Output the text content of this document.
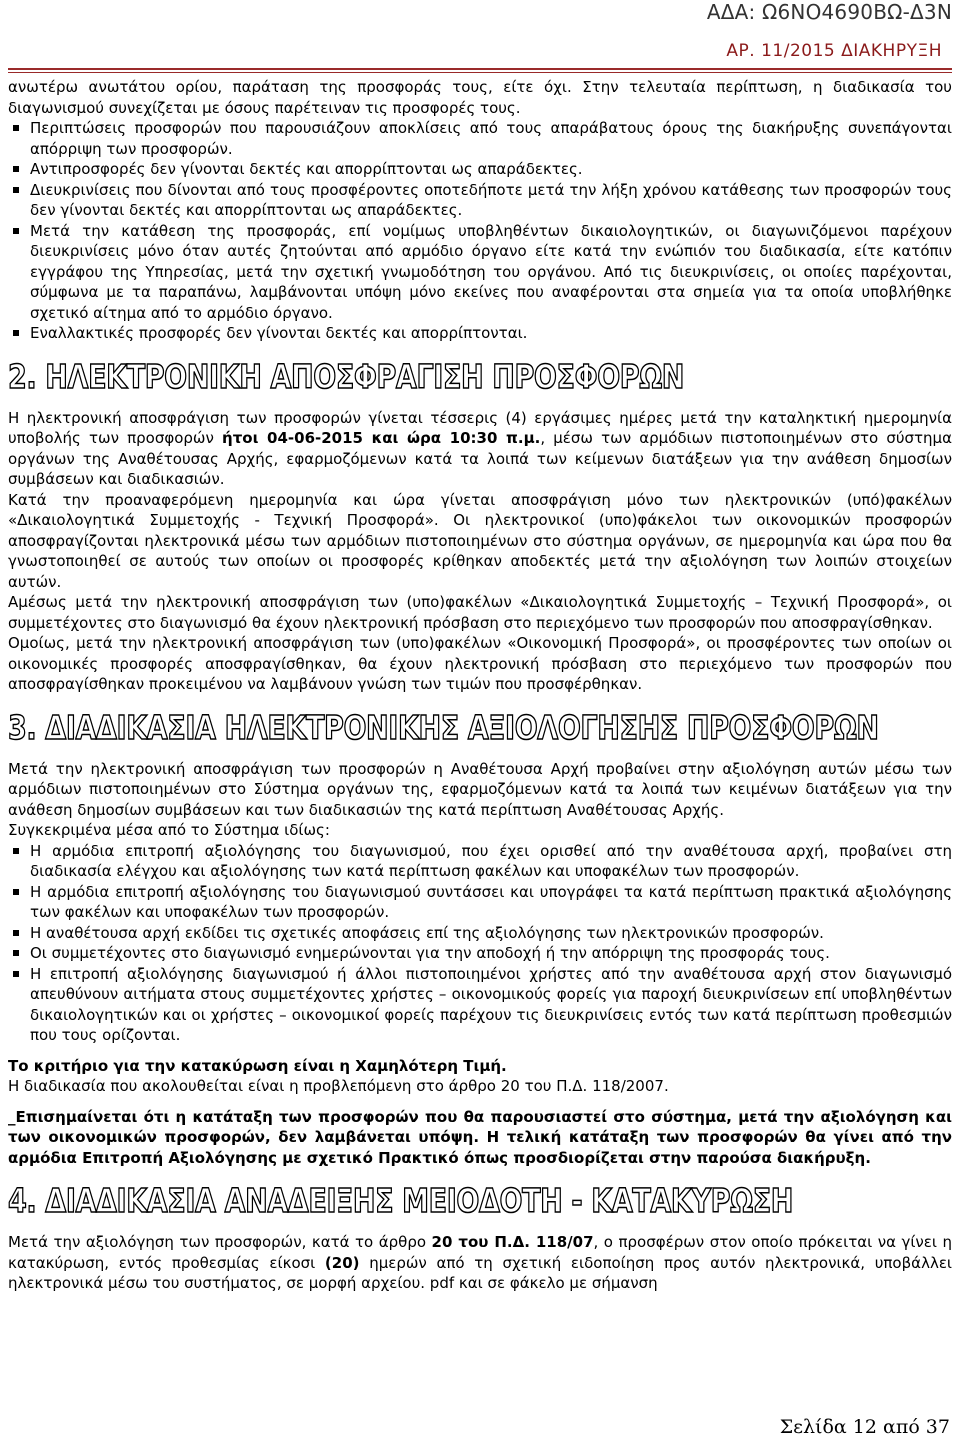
ΑΔΑ: Ω6ΝΟ4690ΒΩ-Δ3Ν
ΑΡ. 11/2015 ΔΙΑΚΗΡΥΞΗ

ανωτέρω ανωτάτου ορίου, παράταση της προσφοράς τους, είτε όχι. Στην τελευταία περίπτωση, η διαδικασία του διαγωνισμού συνεχίζεται με όσους παρέτειναν τις προσφορές τους.

Περιπτώσεις προσφορών που παρουσιάζουν αποκλίσεις από τους απαράβατους όρους της διακήρυξης συνεπάγονται απόρριψη των προσφορών.
Αντιπροσφορές δεν γίνονται δεκτές και απορρίπτονται ως απαράδεκτες.
Διευκρινίσεις που δίνονται από τους προσφέροντες οποτεδήποτε μετά την λήξη χρόνου κατάθεσης των προσφορών τους δεν γίνονται δεκτές και απορρίπτονται ως απαράδεκτες.
Μετά την κατάθεση της προσφοράς, επί νομίμως υποβληθέντων δικαιολογητικών, οι διαγωνιζόμενοι παρέχουν διευκρινίσεις μόνο όταν αυτές ζητούνται από αρμόδιο όργανο είτε κατά την ενώπιόν του διαδικασία, είτε κατόπιν εγγράφου της Υπηρεσίας, μετά την σχετική γνωμοδότηση του οργάνου. Από τις διευκρινίσεις, οι οποίες παρέχονται, σύμφωνα με τα παραπάνω, λαμβάνονται υπόψη μόνο εκείνες που αναφέρονται στα σημεία για τα οποία υποβλήθηκε σχετικό αίτημα από το αρμόδιο όργανο.
Εναλλακτικές προσφορές δεν γίνονται δεκτές και απορρίπτονται.
2. ΗΛΕΚΤΡΟΝΙΚΗ ΑΠΟΣΦΡΑΓΙΣΗ ΠΡΟΣΦΟΡΩΝ

Η ηλεκτρονική αποσφράγιση των προσφορών γίνεται τέσσερις (4) εργάσιμες ημέρες μετά την καταληκτική ημερομηνία υποβολής των προσφορών ήτοι 04-06-2015 και ώρα 10:30 π.μ., μέσω των αρμόδιων πιστοποιημένων στο σύστημα οργάνων της Αναθέτουσας Αρχής, εφαρμοζόμενων κατά τα λοιπά των κείμενων διατάξεων για την ανάθεση δημοσίων συμβάσεων και διαδικασιών.

Κατά την προαναφερόμενη ημερομηνία και ώρα γίνεται αποσφράγιση μόνο των ηλεκτρονικών (υπό)φακέλων «Δικαιολογητικά Συμμετοχής - Τεχνική Προσφορά». Οι ηλεκτρονικοί (υπο)φάκελοι των οικονομικών προσφορών αποσφραγίζονται ηλεκτρονικά μέσω των αρμόδιων πιστοποιημένων στο σύστημα οργάνων, σε ημερομηνία και ώρα που θα γνωστοποιηθεί σε αυτούς των οποίων οι προσφορές κρίθηκαν αποδεκτές μετά την αξιολόγηση των λοιπών στοιχείων αυτών.

Αμέσως μετά την ηλεκτρονική αποσφράγιση των (υπο)φακέλων «Δικαιολογητικά Συμμετοχής – Τεχνική Προσφορά», οι συμμετέχοντες στο διαγωνισμό θα έχουν ηλεκτρονική πρόσβαση στο περιεχόμενο των προσφορών που αποσφραγίσθηκαν.

Ομοίως, μετά την ηλεκτρονική αποσφράγιση των (υπο)φακέλων «Οικονομική Προσφορά», οι προσφέροντες των οποίων οι οικονομικές προσφορές αποσφραγίσθηκαν, θα έχουν ηλεκτρονική πρόσβαση στο περιεχόμενο των προσφορών που αποσφραγίσθηκαν προκειμένου να λαμβάνουν γνώση των τιμών που προσφέρθηκαν.

3. ΔΙΑΔΙΚΑΣΙΑ ΗΛΕΚΤΡΟΝΙΚΗΣ ΑΞΙΟΛΟΓΗΣΗΣ ΠΡΟΣΦΟΡΩΝ

Μετά την ηλεκτρονική αποσφράγιση των προσφορών η Αναθέτουσα Αρχή προβαίνει στην αξιολόγηση αυτών μέσω των αρμόδιων πιστοποιημένων στο Σύστημα οργάνων της, εφαρμοζόμενων κατά τα λοιπά των κειμένων διατάξεων για την ανάθεση δημοσίων συμβάσεων και των διαδικασιών της κατά περίπτωση Αναθέτουσας Αρχής.

Συγκεκριμένα μέσα από το Σύστημα ιδίως:

Η αρμόδια επιτροπή αξιολόγησης του διαγωνισμού, που έχει ορισθεί από την αναθέτουσα αρχή, προβαίνει στη διαδικασία ελέγχου και αξιολόγησης των κατά περίπτωση φακέλων και υποφακέλων των προσφορών.
Η αρμόδια επιτροπή αξιολόγησης του διαγωνισμού συντάσσει και υπογράφει τα κατά περίπτωση πρακτικά αξιολόγησης των φακέλων και υποφακέλων των προσφορών.
Η αναθέτουσα αρχή εκδίδει τις σχετικές αποφάσεις επί της αξιολόγησης των ηλεκτρονικών προσφορών.
Οι συμμετέχοντες στο διαγωνισμό ενημερώνονται για την αποδοχή ή την απόρριψη της προσφοράς τους.
Η επιτροπή αξιολόγησης διαγωνισμού ή άλλοι πιστοποιημένοι χρήστες από την αναθέτουσα αρχή στον διαγωνισμό απευθύνουν αιτήματα στους συμμετέχοντες χρήστες – οικονομικούς φορείς για παροχή διευκρινίσεων επί υποβληθέντων δικαιολογητικών και οι χρήστες – οικονομικοί φορείς παρέχουν τις διευκρινίσεις εντός των κατά περίπτωση προθεσμιών που τους ορίζονται.

Το κριτήριο για την κατακύρωση είναι η Χαμηλότερη Τιμή.

Η διαδικασία που ακολουθείται είναι η προβλεπόμενη στο άρθρο 20 του Π.Δ. 118/2007.

_Επισημαίνεται ότι η κατάταξη των προσφορών που θα παρουσιαστεί στο σύστημα, μετά την αξιολόγηση και των οικονομικών προσφορών, δεν λαμβάνεται υπόψη. Η τελική κατάταξη των προσφορών θα γίνει από την αρμόδια Επιτροπή Αξιολόγησης με σχετικό Πρακτικό όπως προσδιορίζεται στην παρούσα διακήρυξη.

4. ΔΙΑΔΙΚΑΣΙΑ ΑΝΑΔΕΙΞΗΣ ΜΕΙΟΔΟΤΗ - ΚΑΤΑΚΥΡΩΣΗ

Μετά την αξιολόγηση των προσφορών, κατά το άρθρο 20 του Π.Δ. 118/07, ο προσφέρων στον οποίο πρόκειται να γίνει η κατακύρωση, εντός προθεσμίας είκοσι (20) ημερών από τη σχετική ειδοποίηση προς αυτόν ηλεκτρονικά, υποβάλλει ηλεκτρονικά μέσω του συστήματος, σε μορφή αρχείου. pdf και σε φάκελο με σήμανση

Σελίδα 12 από 37
